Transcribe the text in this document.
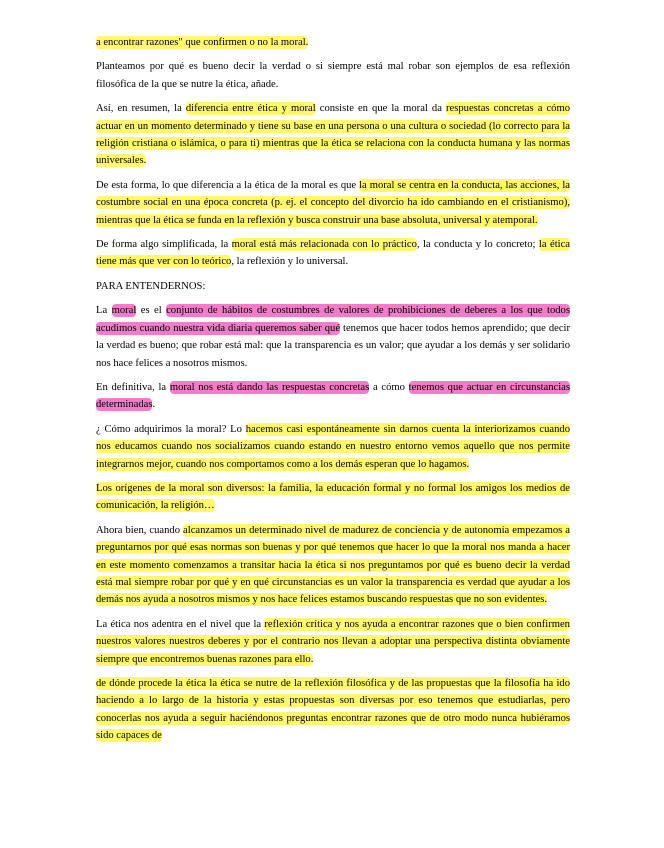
a encontrar razones" que confirmen o no la moral.

Planteamos por qué es bueno decir la verdad o si siempre está mal robar son ejemplos de esa reflexión filosófica de la que se nutre la ética, añade.

Así, en resumen, la diferencia entre ética y moral consiste en que la moral da respuestas concretas a cómo actuar en un momento determinado y tiene su base en una persona o una cultura o sociedad (lo correcto para la religión cristiana o islámica, o para ti) mientras que la ética se relaciona con la conducta humana y las normas universales.

De esta forma, lo que diferencia a la ética de la moral es que la moral se centra en la conducta, las acciones, la costumbre social en una época concreta (p. ej. el concepto del divorcio ha ido cambiando en el cristianismo), mientras que la ética se funda en la reflexión y busca construir una base absoluta, universal y atemporal.

De forma algo simplificada, la moral está más relacionada con lo práctico, la conducta y lo concreto; la ética tiene más que ver con lo teórico, la reflexión y lo universal.

PARA ENTENDERNOS:

La moral es el conjunto de hábitos de costumbres de valores de prohibiciones de deberes a los que todos acudimos cuando nuestra vida diaria queremos saber qué tenemos que hacer todos hemos aprendido; que decir la verdad es bueno; que robar está mal: que la transparencia es un valor; que ayudar a los demás y ser solidario nos hace felices a nosotros mismos.

En definitiva, la moral nos está dando las respuestas concretas a cómo tenemos que actuar en circunstancias determinadas.

¿ Cómo adquirimos la moral? Lo hacemos casi espontáneamente sin darnos cuenta la interiorizamos cuando nos educamos cuando nos socializamos cuando estando en nuestro entorno vemos aquello que nos permite integrarnos mejor, cuando nos comportamos como a los demás esperan que lo hagamos.

Los orígenes de la moral son diversos: la familia, la educación formal y no formal los amigos los medios de comunicación, la religión…

Ahora bien, cuando alcanzamos un determinado nivel de madurez de conciencia y de autonomía empezamos a preguntarnos por qué esas normas son buenas y por qué tenemos que hacer lo que la moral nos manda a hacer en este momento comenzamos a transitar hacia la ética si nos preguntamos por qué es bueno decir la verdad está mal siempre robar por qué y en qué circunstancias es un valor la transparencia es verdad que ayudar a los demás nos ayuda a nosotros mismos y nos hace felices estamos buscando respuestas que no son evidentes.

La ética nos adentra en el nivel que la reflexión crítica y nos ayuda a encontrar razones que o bien confirmen nuestros valores nuestros deberes y por el contrario nos llevan a adoptar una perspectiva distinta obviamente siempre que encontremos buenas razones para ello.

de dónde procede la ética la ética se nutre de la reflexión filosófica y de las propuestas que la filosofía ha ido haciendo a lo largo de la historia y estas propuestas son diversas por eso tenemos que estudiarlas, pero conocerlas nos ayuda a seguir haciéndonos preguntas encontrar razones que de otro modo nunca hubiéramos sido capaces de
